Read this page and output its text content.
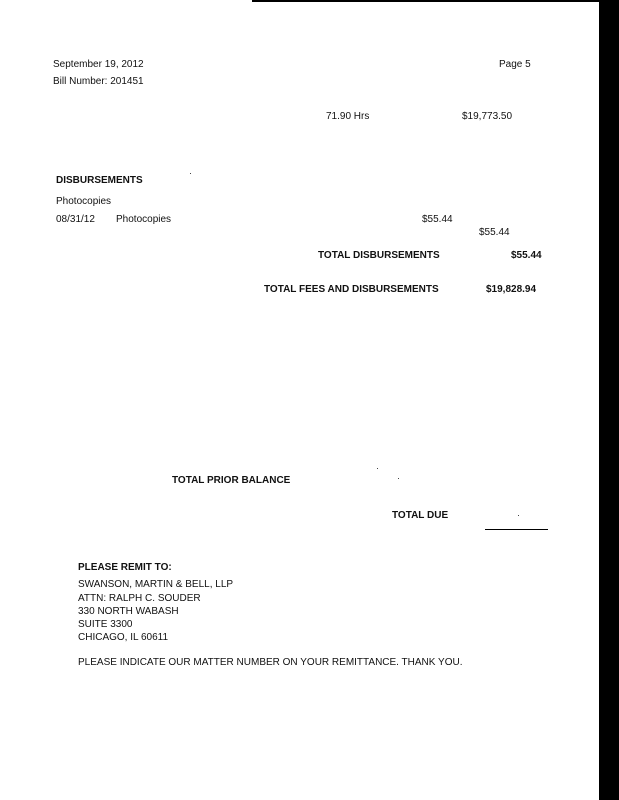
September 19, 2012
Bill Number: 201451
Page 5
71.90 Hrs	$19,773.50
DISBURSEMENTS
Photocopies
08/31/12 Photocopies	$55.44
$55.44
TOTAL DISBURSEMENTS	$55.44
TOTAL FEES AND DISBURSEMENTS	$19,828.94
TOTAL PRIOR BALANCE
TOTAL DUE
PLEASE REMIT TO:
SWANSON, MARTIN & BELL, LLP
ATTN: RALPH C. SOUDER
330 NORTH WABASH
SUITE 3300
CHICAGO, IL 60611
PLEASE INDICATE OUR MATTER NUMBER ON YOUR REMITTANCE. THANK YOU.
